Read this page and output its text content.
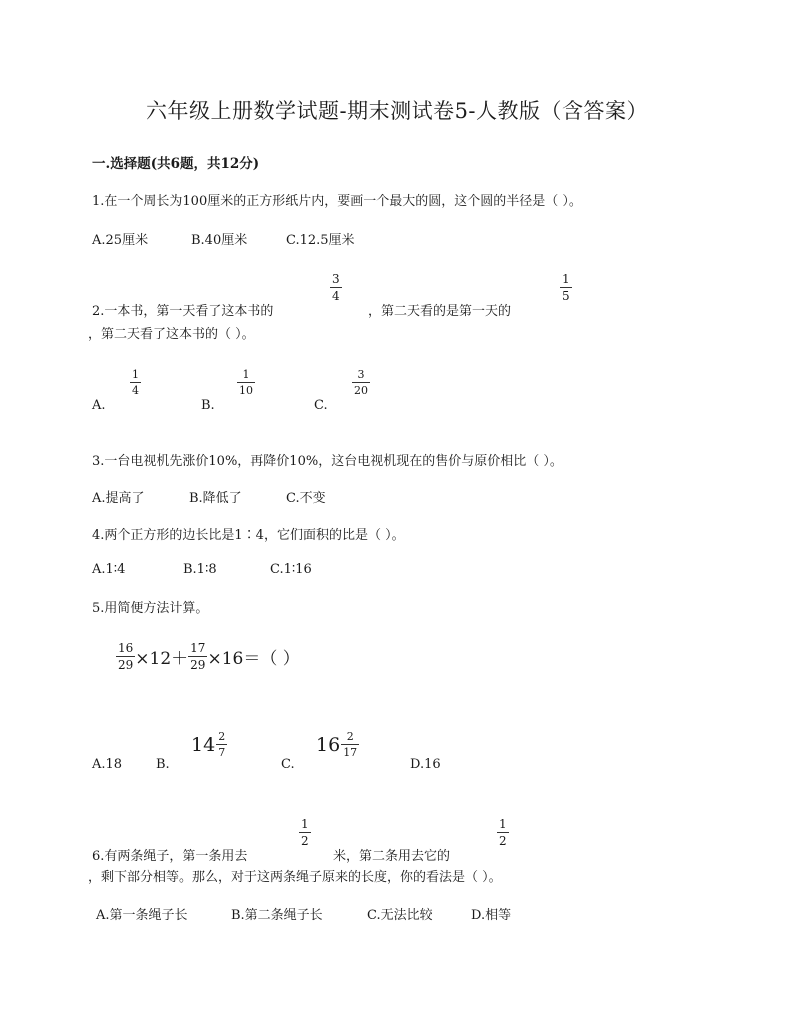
六年级上册数学试题-期末测试卷5-人教版（含答案）
一.选择题(共6题，共12分)
1.在一个周长为100厘米的正方形纸片内，要画一个最大的圆，这个圆的半径是（ ）。
A.25厘米	B.40厘米	C.12.5厘米
2.一本书，第一天看了这本书的
$\frac{3}{4}$
，第二天看的是第一天的
$\frac{1}{5}$
，第二天看了这本书的（ ）。
A.
$\frac{1}{4}$
B.
$\frac{1}{10}$
C.
$\frac{3}{20}$
3.一台电视机先涨价10%，再降价10%，这台电视机现在的售价与原价相比（ ）。
A.提高了	B.降低了	C.不变
4.两个正方形的边长比是1∶4，它们面积的比是（ ）。
A.1∶4	B.1∶8	C.1∶16
5.用简便方法计算。
$\frac{16}{29} \times 12+ \frac{17}{29} \times 16=$（ ）
A.18	B.
$14 \frac{2}{7}$
C.
$16 \frac{2}{17}$
D.16
6.有两条绳子，第一条用去
$\frac{1}{2}$
米，第二条用去它的
$\frac{1}{2}$
，剩下部分相等。那么，对于这两条绳子原来的长度，你的看法是（ ）。
A.第一条绳子长	B.第二条绳子长	C.无法比较	D.相等
